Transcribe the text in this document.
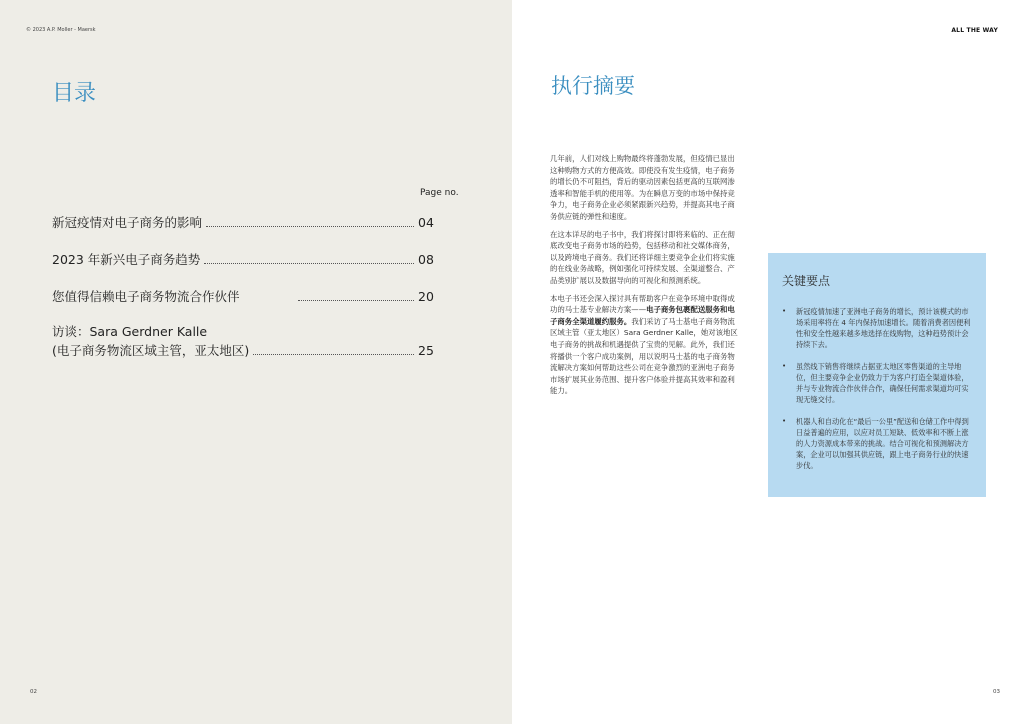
© 2023 A.P. Moller - Maersk
目录
Page no.
新冠疫情对电子商务的影响	04
2023 年新兴电子商务趋势	08
您值得信赖电子商务物流合作伙伴	20
访谈：Sara Gerdner Kalle
(电子商务物流区域主管，亚太地区)	25
02
ALL THE WAY
执行摘要

几年前，人们对线上购物最终将蓬勃发展，但疫情已显出这种购物方式的方便高效。即使没有发生疫情，电子商务的增长仍不可阻挡，背后的驱动因素包括更高的互联网渗透率和智能手机的使用等。为在瞬息万变的市场中保持竞争力，电子商务企业必须紧跟新兴趋势，并提高其电子商务供应链的弹性和速度。

在这本详尽的电子书中，我们将探讨即将来临的、正在彻底改变电子商务市场的趋势，包括移动和社交媒体商务，以及跨境电子商务。我们还将详细主要竞争企业们将实施的在线业务战略，例如强化可持续发展、全渠道整合、产品类别扩展以及数据导向的可视化和预测系统。

本电子书还会深入探讨具有帮助客户在竞争环境中取得成功的马士基专业解决方案——电子商务包裹配送服务和电子商务全渠道履约服务。我们采访了马士基电子商务物流区域主管（亚太地区）Sara Gerdner Kalle，她对该地区电子商务的挑战和机遇提供了宝贵的见解。此外，我们还将播供一个客户成功案例，用以说明马士基的电子商务物流解决方案如何帮助这些公司在竞争激烈的亚洲电子商务市场扩展其业务范围、提升客户体验并提高其效率和盈利能力。

关键要点
•	新冠疫情加速了亚洲电子商务的增长，预计该模式的市场采用率将在 4 年内保持加速增长。随着消费者因便利性和安全性越来越多地选择在线购物，这种趋势预计会持续下去。
•	虽然线下销售将继续占据亚太地区零售渠道的主导地位，但主要竞争企业仍致力于为客户打造全渠道体验，并与专业物流合作伙伴合作，确保任何需求渠道均可实现无缝交付。
•	机器人和自动化在“最后一公里”配送和仓储工作中得到日益普遍的应用，以应对员工短缺、低效率和不断上涨的人力资源成本带来的挑战。结合可视化和预测解决方案，企业可以加强其供应链，跟上电子商务行业的快速步伐。
03
